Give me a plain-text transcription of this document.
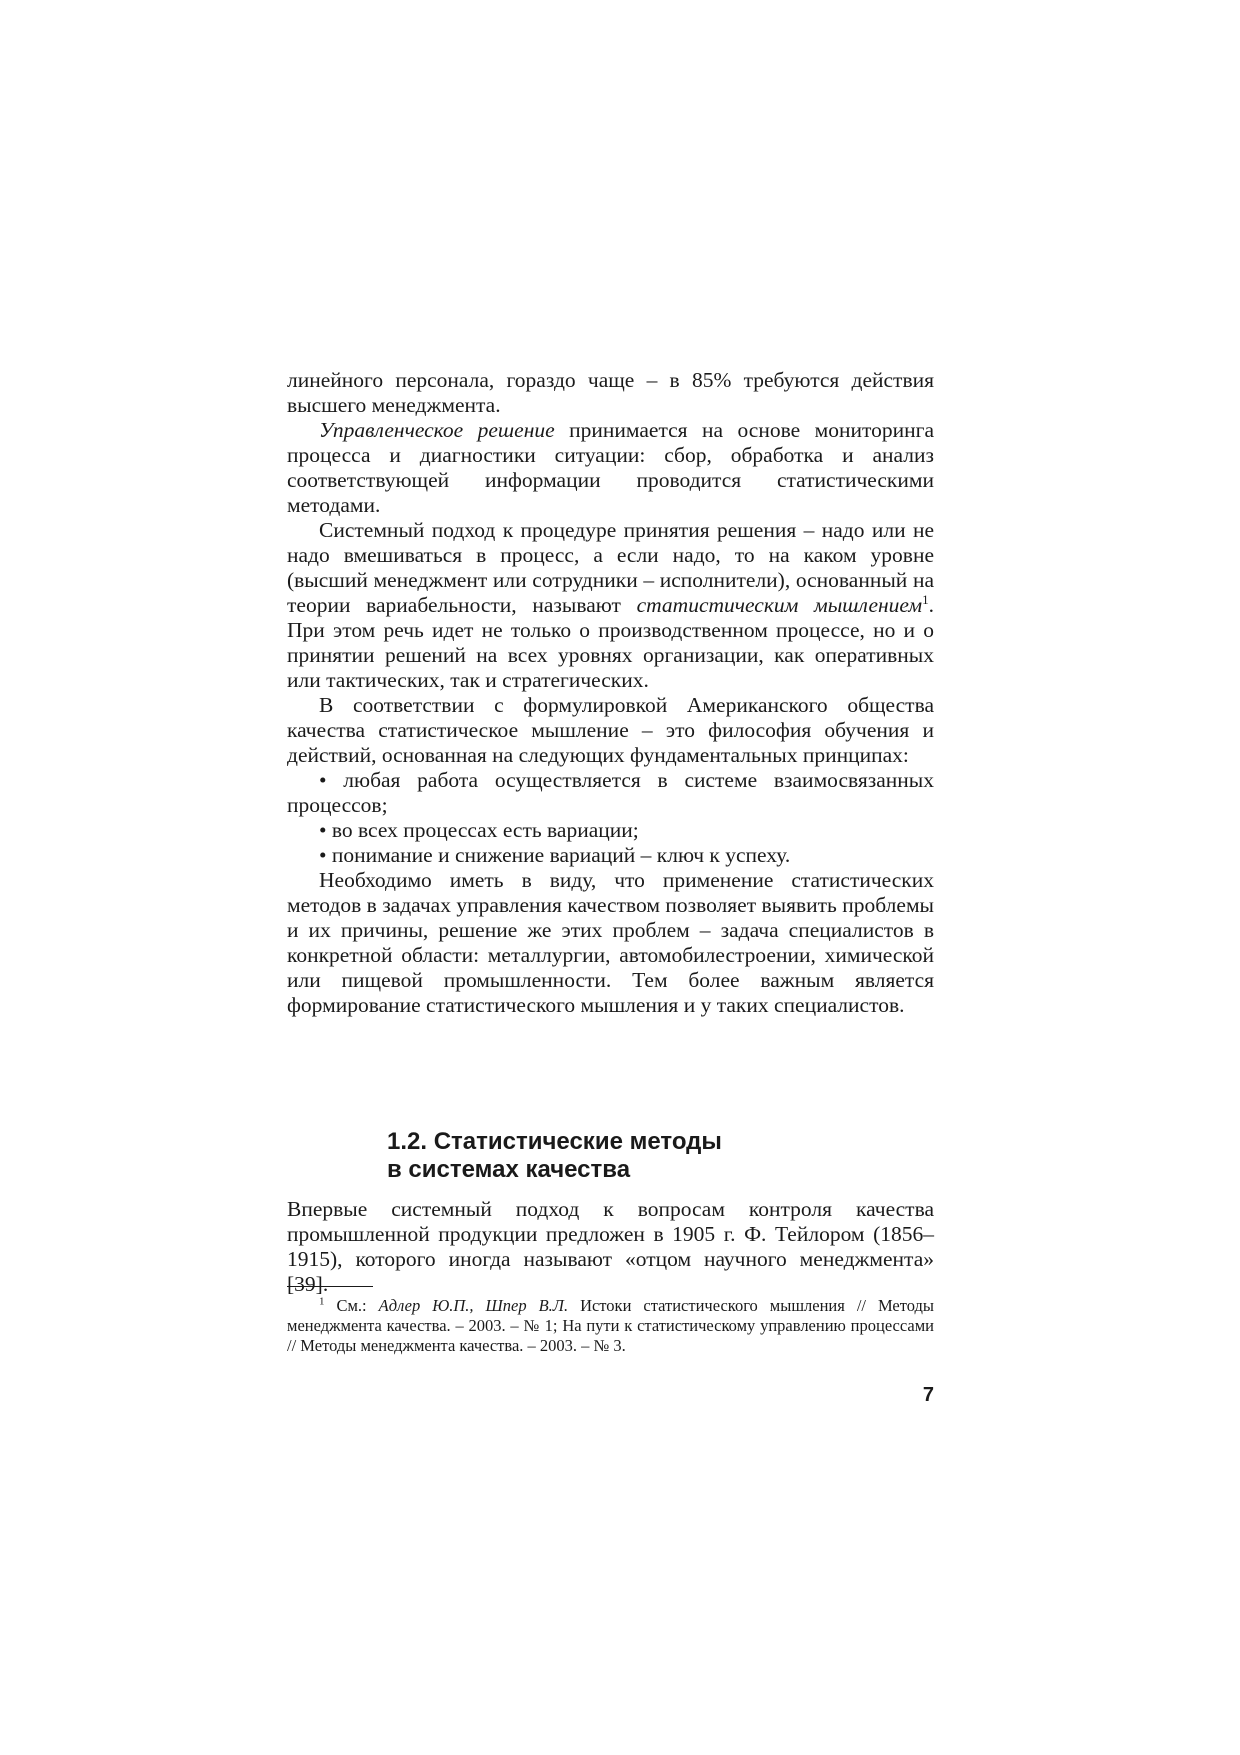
линейного персонала, гораздо чаще – в 85% требуются действия высшего менеджмента.

Управленческое решение принимается на основе мониторинга процесса и диагностики ситуации: сбор, обработка и анализ соответствующей информации проводится статистическими методами.

Системный подход к процедуре принятия решения – надо или не надо вмешиваться в процесс, а если надо, то на каком уровне (высший менеджмент или сотрудники – исполнители), основанный на теории вариабельности, называют статистическим мышлением$^1$. При этом речь идет не только о производственном процессе, но и о принятии решений на всех уровнях организации, как оперативных или тактических, так и стратегических.

В соответствии с формулировкой Американского общества качества статистическое мышление – это философия обучения и действий, основанная на следующих фундаментальных принципах:

• любая работа осуществляется в системе взаимосвязанных процессов;

• во всех процессах есть вариации;

• понимание и снижение вариаций – ключ к успеху.

Необходимо иметь в виду, что применение статистических методов в задачах управления качеством позволяет выявить проблемы и их причины, решение же этих проблем – задача специалистов в конкретной области: металлургии, автомобилестроении, химической или пищевой промышленности. Тем более важным является формирование статистического мышления и у таких специалистов.

1.2. Статистические методы
в системах качества

Впервые системный подход к вопросам контроля качества промышленной продукции предложен в 1905 г. Ф. Тейлором (1856–1915), которого иногда называют «отцом научного менеджмента» [39].

$^1$ См.: Адлер Ю.П., Шпер В.Л. Истоки статистического мышления // Методы менеджмента качества. – 2003. – № 1; На пути к статистическому управлению процессами // Методы менеджмента качества. – 2003. – № 3.

7
